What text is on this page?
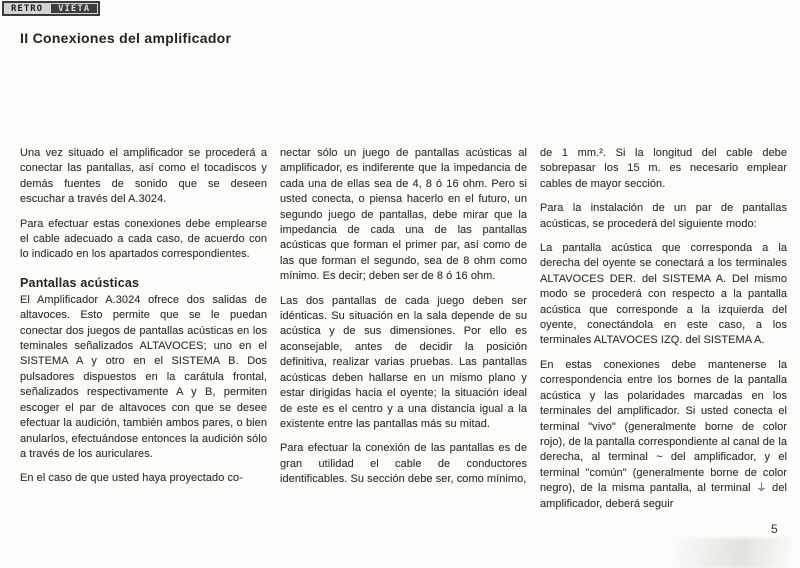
RETRO	VIETA
II Conexiones del amplificador

Una vez situado el amplificador se procederá a conectar las pantallas, así como el tocadiscos y demás fuentes de sonido que se deseen escuchar a través del A.3024.

Para efectuar estas conexiones debe emplearse el cable adecuado a cada caso, de acuerdo con lo indicado en los apartados correspondientes.

Pantallas acústicas

El Amplificador A.3024 ofrece dos salidas de altavoces. Esto permite que se le puedan conectar dos juegos de pantallas acústicas en los teminales señalizados ALTAVOCES; uno en el SISTEMA A y otro en el SISTEMA B. Dos pulsadores dispuestos en la carátula frontal, señalizados respectivamente A y B, permiten escoger el par de altavoces con que se desee efectuar la audición, también ambos pares, o bien anularlos, efectuándose entonces la audición sólo a través de los auriculares.

En el caso de que usted haya proyectado co-

nectar sólo un juego de pantallas acústicas al amplificador, es indiferente que la impedancia de cada una de ellas sea de 4, 8 ó 16 ohm. Pero si usted conecta, o piensa hacerlo en el futuro, un segundo juego de pantallas, debe mirar que la impedancia de cada una de las pantallas acústicas que forman el primer par, así como de las que forman el segundo, sea de 8 ohm como mínimo. Es decir; deben ser de 8 ó 16 ohm.

Las dos pantallas de cada juego deben ser idénticas. Su situación en la sala depende de su acústica y de sus dimensiones. Por ello es aconsejable, antes de decidir la posición definitiva, realizar varias pruebas. Las pantallas acústicas deben hallarse en un mismo plano y estar dirigidas hacia el oyente; la situación ideal de este es el centro y a una distancia igual a la existente entre las pantallas más su mitad.

Para efectuar la conexión de las pantallas es de gran utilidad el cable de conductores identificables. Su sección debe ser, como mínimo,

de 1 mm.². Si la longitud del cable debe sobrepasar los 15 m. es necesario emplear cables de mayor sección.

Para la instalación de un par de pantallas acústicas, se procederá del siguiente modo:

La pantalla acústica que corresponda a la derecha del oyente se conectará a los terminales ALTAVOCES DER. del SISTEMA A. Del mismo modo se procederá con respecto a la pantalla acústica que corresponde a la izquierda del oyente, conectándola en este caso, a los terminales ALTAVOCES IZQ. del SISTEMA A.

En estas conexiones debe mantenerse la correspondencia entre los bornes de la pantalla acústica y las polaridades marcadas en los terminales del amplificador. Si usted conecta el terminal "vivo" (generalmente borne de color rojo), de la pantalla correspondiente al canal de la derecha, al terminal ~ del amplificador, y el terminal "común" (generalmente borne de color negro), de la misma pantalla, al terminal ⏚ del amplificador, deberá seguir

5
